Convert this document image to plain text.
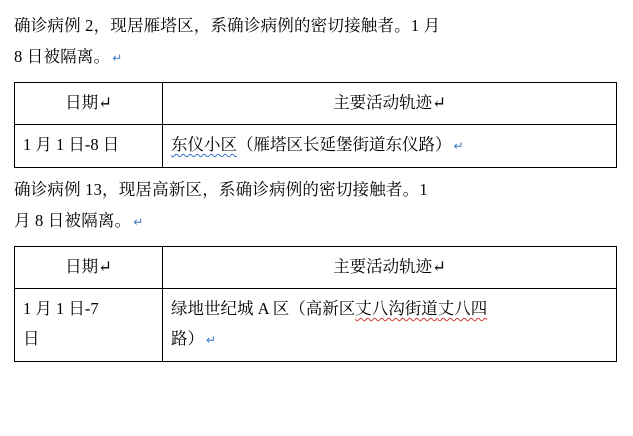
确诊病例 2，现居雁塔区，系确诊病例的密切接触者。1 月
8 日被隔离。 ↵

日期↵	主要活动轨迹↵
1 月 1 日-8 日	东仪小区（雁塔区长延堡街道东仪路） ↵

确诊病例 13，现居高新区，系确诊病例的密切接触者。1
月 8 日被隔离。 ↵

日期↵	主要活动轨迹↵
1 月 1 日-7
日	绿地世纪城 A 区（高新区丈八沟街道丈八四
路） ↵
